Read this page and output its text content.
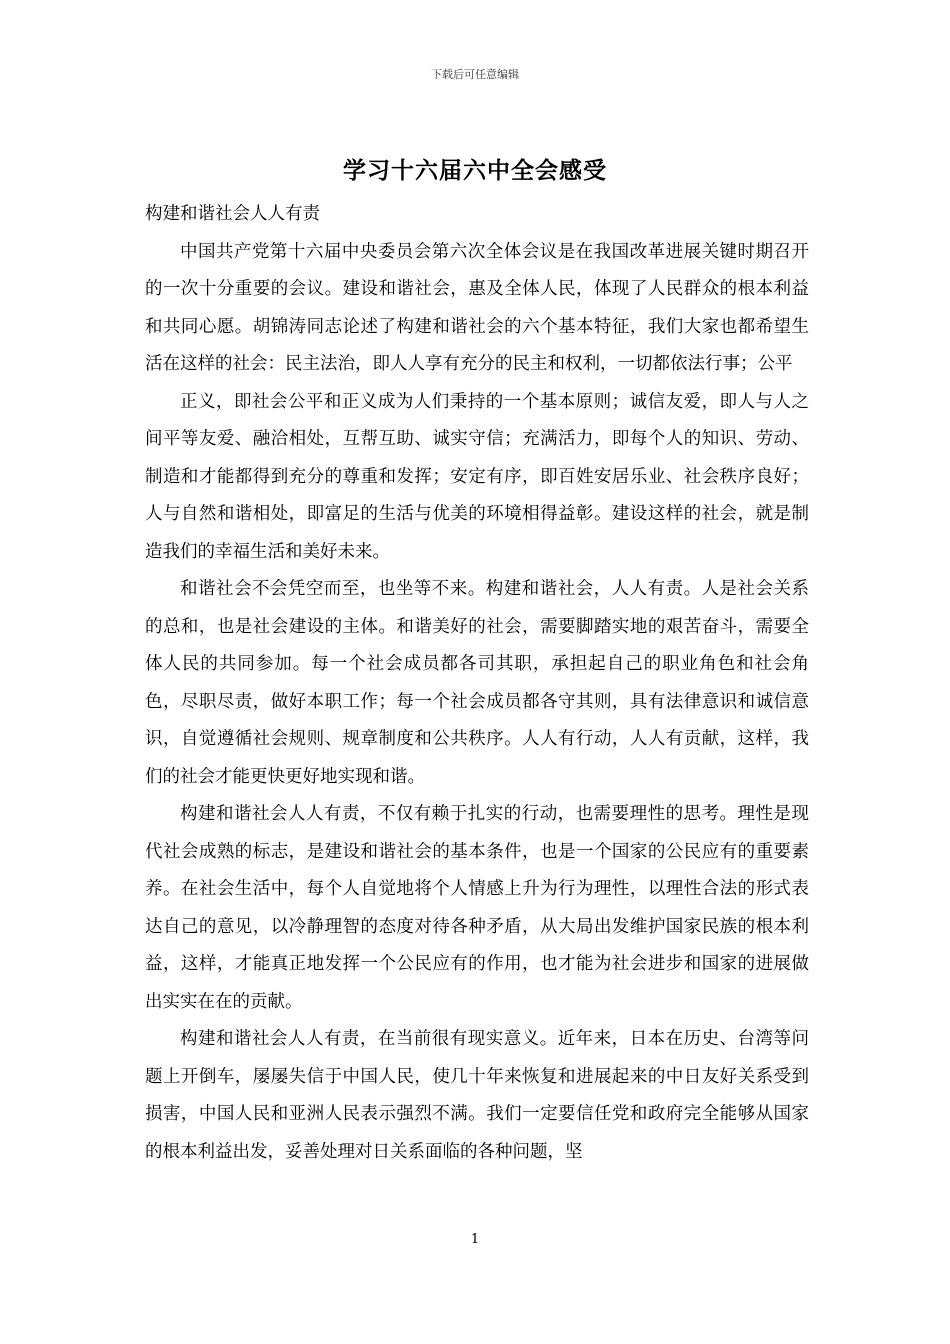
下载后可任意编辑
学习十六届六中全会感受

构建和谐社会人人有责

中国共产党第十六届中央委员会第六次全体会议是在我国改革进展关键时期召开的一次十分重要的会议。建设和谐社会，惠及全体人民，体现了人民群众的根本利益和共同心愿。胡锦涛同志论述了构建和谐社会的六个基本特征，我们大家也都希望生活在这样的社会：民主法治，即人人享有充分的民主和权利，一切都依法行事；公平

正义，即社会公平和正义成为人们秉持的一个基本原则；诚信友爱，即人与人之间平等友爱、融洽相处，互帮互助、诚实守信；充满活力，即每个人的知识、劳动、制造和才能都得到充分的尊重和发挥；安定有序，即百姓安居乐业、社会秩序良好；人与自然和谐相处，即富足的生活与优美的环境相得益彰。建设这样的社会，就是制造我们的幸福生活和美好未来。

和谐社会不会凭空而至，也坐等不来。构建和谐社会，人人有责。人是社会关系的总和，也是社会建设的主体。和谐美好的社会，需要脚踏实地的艰苦奋斗，需要全体人民的共同参加。每一个社会成员都各司其职，承担起自己的职业角色和社会角色，尽职尽责，做好本职工作；每一个社会成员都各守其则，具有法律意识和诚信意识，自觉遵循社会规则、规章制度和公共秩序。人人有行动，人人有贡献，这样，我们的社会才能更快更好地实现和谐。

构建和谐社会人人有责，不仅有赖于扎实的行动，也需要理性的思考。理性是现代社会成熟的标志，是建设和谐社会的基本条件，也是一个国家的公民应有的重要素养。在社会生活中，每个人自觉地将个人情感上升为行为理性，以理性合法的形式表达自己的意见，以冷静理智的态度对待各种矛盾，从大局出发维护国家民族的根本利益，这样，才能真正地发挥一个公民应有的作用，也才能为社会进步和国家的进展做出实实在在的贡献。

构建和谐社会人人有责，在当前很有现实意义。近年来，日本在历史、台湾等问题上开倒车，屡屡失信于中国人民，使几十年来恢复和进展起来的中日友好关系受到损害，中国人民和亚洲人民表示强烈不满。我们一定要信任党和政府完全能够从国家的根本利益出发，妥善处理对日关系面临的各种问题，坚

1
